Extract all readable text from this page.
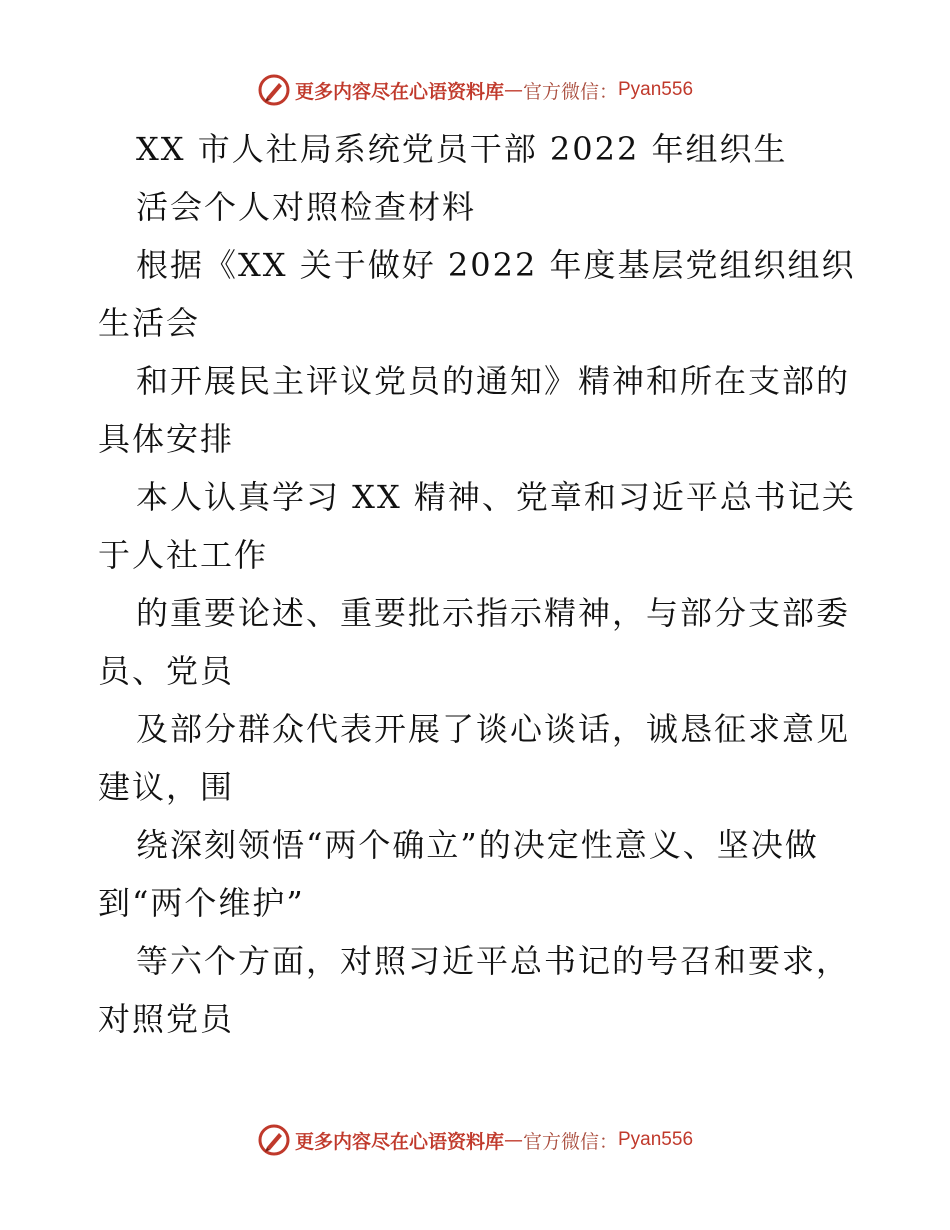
更多内容尽在心语资料库 — 官方微信： Pyan556
XX 市人社局系统党员干部 2022 年组织生
活会个人对照检查材料
根据《XX 关于做好 2022 年度基层党组织组织
生活会
和开展民主评议党员的通知》精神和所在支部的
具体安排
本人认真学习 XX 精神、党章和习近平总书记关
于人社工作
的重要论述、重要批示指示精神，与部分支部委
员、党员
及部分群众代表开展了谈心谈话，诚恳征求意见
建议，围
绕深刻领悟“两个确立”的决定性意义、坚决做
到“两个维护”
等六个方面，对照习近平总书记的号召和要求，
对照党员
更多内容尽在心语资料库 — 官方微信： Pyan556
